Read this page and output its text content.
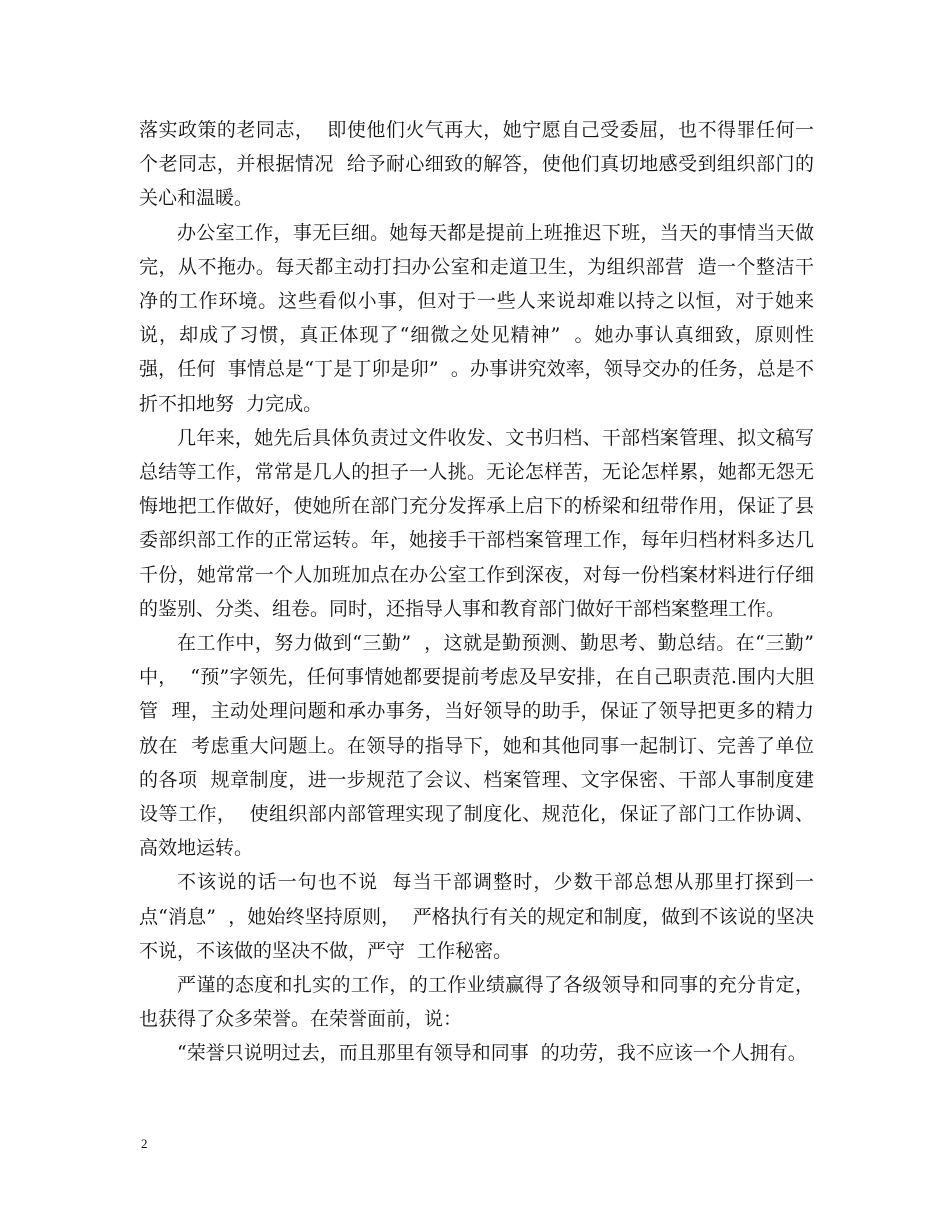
落实政策的老同志，  即使他们火气再大，她宁愿自己受委屈，也不得罪任何一个老同志，并根据情况  给予耐心细致的解答，使他们真切地感受到组织部门的关心和温暖。

办公室工作，事无巨细。她每天都是提前上班推迟下班，当天的事情当天做完，从不拖办。每天都主动打扫办公室和走道卫生，为组织部营  造一个整洁干净的工作环境。这些看似小事，但对于一些人来说却难以持之以恒，对于她来说，却成了习惯，真正体现了“细微之处见精神”  。她办事认真细致，原则性强，任何  事情总是“丁是丁卯是卯”  。办事讲究效率，领导交办的任务，总是不折不扣地努  力完成。

几年来，她先后具体负责过文件收发、文书归档、干部档案管理、拟文稿写总结等工作，常常是几人的担子一人挑。无论怎样苦，无论怎样累，她都无怨无悔地把工作做好，使她所在部门充分发挥承上启下的桥梁和纽带作用，保证了县委部织部工作的正常运转。年，她接手干部档案管理工作，每年归档材料多达几千份，她常常一个人加班加点在办公室工作到深夜，对每一份档案材料进行仔细的鉴别、分类、组卷。同时，还指导人事和教育部门做好干部档案整理工作。

在工作中，努力做到“三勤”  ，这就是勤预测、勤思考、勤总结。在“三勤”  中，  “预”字领先，任何事情她都要提前考虑及早安排，在自己职责范.围内大胆管  理，主动处理问题和承办事务，当好领导的助手，保证了领导把更多的精力放在  考虑重大问题上。在领导的指导下，她和其他同事一起制订、完善了单位的各项  规章制度，进一步规范了会议、档案管理、文字保密、干部人事制度建设等工作，  使组织部内部管理实现了制度化、规范化，保证了部门工作协调、高效地运转。

不该说的话一句也不说  每当干部调整时，少数干部总想从那里打探到一点“消息”  ，她始终坚持原则，  严格执行有关的规定和制度，做到不该说的坚决不说，不该做的坚决不做，严守  工作秘密。

严谨的态度和扎实的工作，的工作业绩赢得了各级领导和同事的充分肯定，也获得了众多荣誉。在荣誉面前，说：

“荣誉只说明过去，而且那里有领导和同事  的功劳，我不应该一个人拥有。

2
